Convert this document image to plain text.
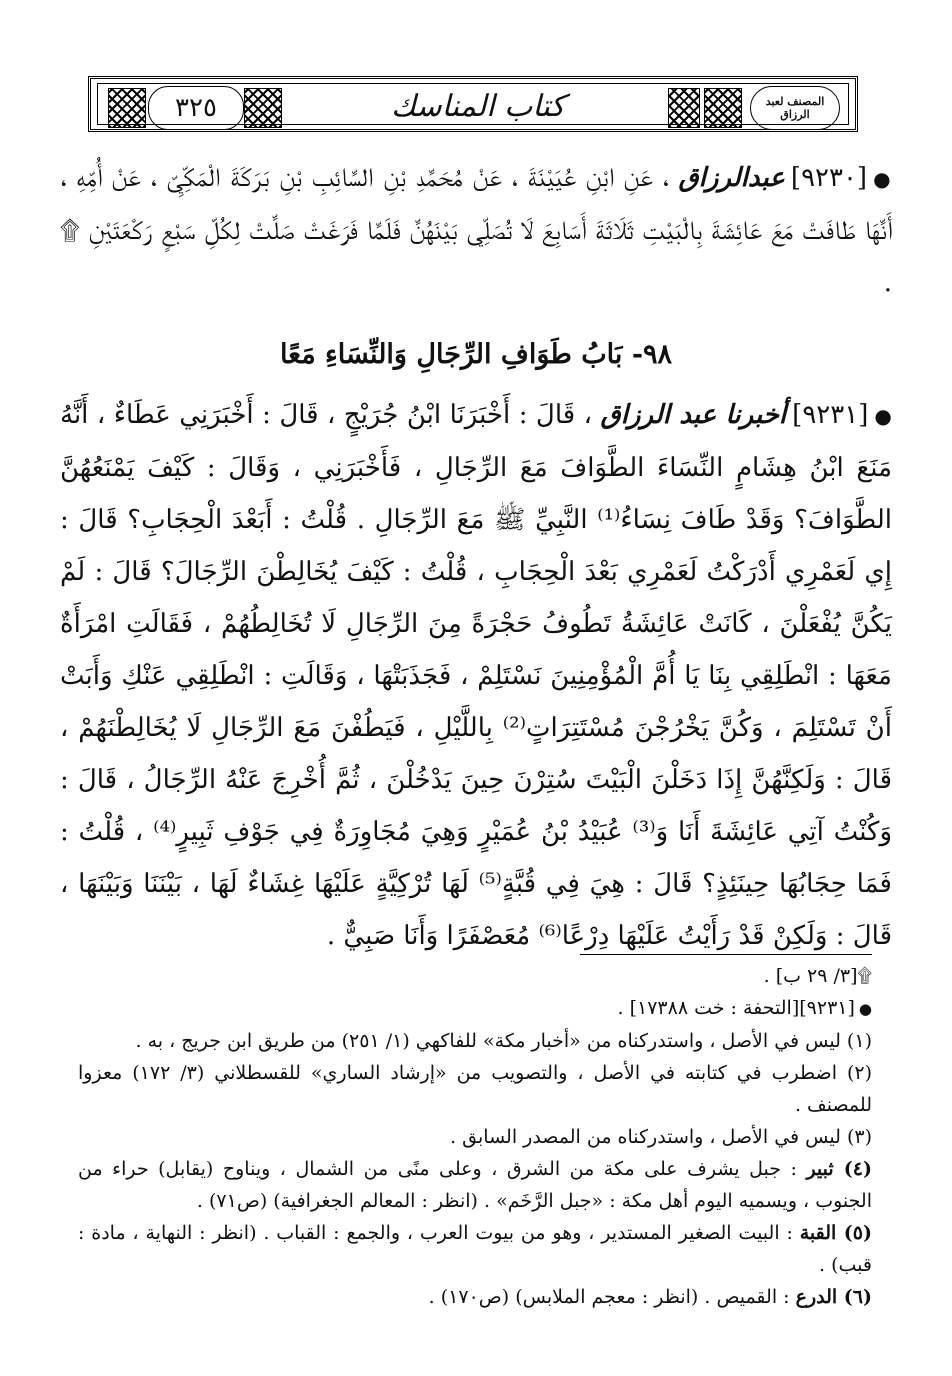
٣٢٥	كتاب المناسك	المصنف لعبد الرزاق

●[٩٢٣٠]عبدالرزاق ، عَنِ ابْنِ عُيَيْنَةَ ، عَنْ مُحَمَّدِ بْنِ السَّائِبِ بْنِ بَرَكَةَ الْمَكِّيِّ ، عَنْ أُمِّهِ ، أَنَّهَا طَافَتْ مَعَ عَائِشَةَ بِالْبَيْتِ ثَلَاثَةَ أَسَابِعَ لَا تُصَلِّي بَيْنَهُنَّ فَلَمَّا فَرَغَتْ صَلَّتْ لِكُلِّ سَبْعٍ رَكْعَتَيْنِ ۩ .

٩٨- بَابُ طَوَافِ الرِّجَالِ وَالنِّسَاءِ مَعًا

●[٩٢٣١]أخبرنا عبد الرزاق ، قَالَ : أَخْبَرَنَا ابْنُ جُرَيْجٍ ، قَالَ : أَخْبَرَنِي عَطَاءٌ ، أَنَّهُ مَنَعَ ابْنُ هِشَامٍ النِّسَاءَ الطَّوَافَ مَعَ الرِّجَالِ ، فَأَخْبَرَنِي ، وَقَالَ : كَيْفَ يَمْنَعُهُنَّ الطَّوَافَ؟ وَقَدْ طَافَ نِسَاءُ⁽¹⁾ النَّبِيِّ ﷺ مَعَ الرِّجَالِ . قُلْتُ : أَبَعْدَ الْحِجَابِ؟ قَالَ : إِي لَعَمْرِي أَدْرَكْتُ لَعَمْرِي بَعْدَ الْحِجَابِ ، قُلْتُ : كَيْفَ يُخَالِطْنَ الرِّجَالَ؟ قَالَ : لَمْ يَكُنَّ يُفْعَلْنَ ، كَانَتْ عَائِشَةُ تَطُوفُ حَجْرَةً مِنَ الرِّجَالِ لَا تُخَالِطُهُمْ ، فَقَالَتِ امْرَأَةٌ مَعَهَا : انْطَلِقِي بِنَا يَا أُمَّ الْمُؤْمِنِينَ نَسْتَلِمْ ، فَجَذَبَتْهَا ، وَقَالَتِ : انْطَلِقِي عَنْكِ وَأَبَتْ أَنْ تَسْتَلِمَ ، وَكُنَّ يَخْرُجْنَ مُسْتَتِرَاتٍ⁽²⁾ بِاللَّيْلِ ، فَيَطُفْنَ مَعَ الرِّجَالِ لَا يُخَالِطْنَهُمْ ، قَالَ : وَلَكِنَّهُنَّ إِذَا دَخَلْنَ الْبَيْتَ سُتِرْنَ حِينَ يَدْخُلْنَ ، ثُمَّ أُخْرِجَ عَنْهُ الرِّجَالُ ، قَالَ : وَكُنْتُ آتِي عَائِشَةَ أَنَا وَ⁽³⁾ عُبَيْدُ بْنُ عُمَيْرٍ وَهِيَ مُجَاوِرَةٌ فِي جَوْفِ ثَبِيرٍ⁽⁴⁾ ، قُلْتُ : فَمَا حِجَابُهَا حِينَئِذٍ؟ قَالَ : هِيَ فِي قُبَّةٍ⁽⁵⁾ لَهَا تُرْكِيَّةٍ عَلَيْهَا غِشَاءٌ لَهَا ، بَيْنَنَا وَبَيْنَهَا ، قَالَ : وَلَكِنْ قَدْ رَأَيْتُ عَلَيْهَا دِرْعًا⁽⁶⁾ مُعَصْفَرًا وَأَنَا صَبِيٌّ .

۩[٣/ ٢٩ ب] .

●[٩٢٣١][التحفة : خت ١٧٣٨٨] .

(١) ليس في الأصل ، واستدركناه من «أخبار مكة» للفاكهي (١/ ٢٥١) من طريق ابن جريج ، به .

(٢) اضطرب في كتابته في الأصل ، والتصويب من «إرشاد الساري» للقسطلاني (٣/ ١٧٢) معزوا للمصنف .

(٣) ليس في الأصل ، واستدركناه من المصدر السابق .

(٤) ثبير : جبل يشرف على مكة من الشرق ، وعلى منًى من الشمال ، ويناوح (يقابل) حراء من الجنوب ، ويسميه اليوم أهل مكة : «جبل الرَّخَم» . (انظر : المعالم الجغرافية) (ص٧١) .

(٥) القبة : البيت الصغير المستدير ، وهو من بيوت العرب ، والجمع : القباب . (انظر : النهاية ، مادة : قبب) .

(٦) الدرع : القميص . (انظر : معجم الملابس) (ص١٧٠) .
